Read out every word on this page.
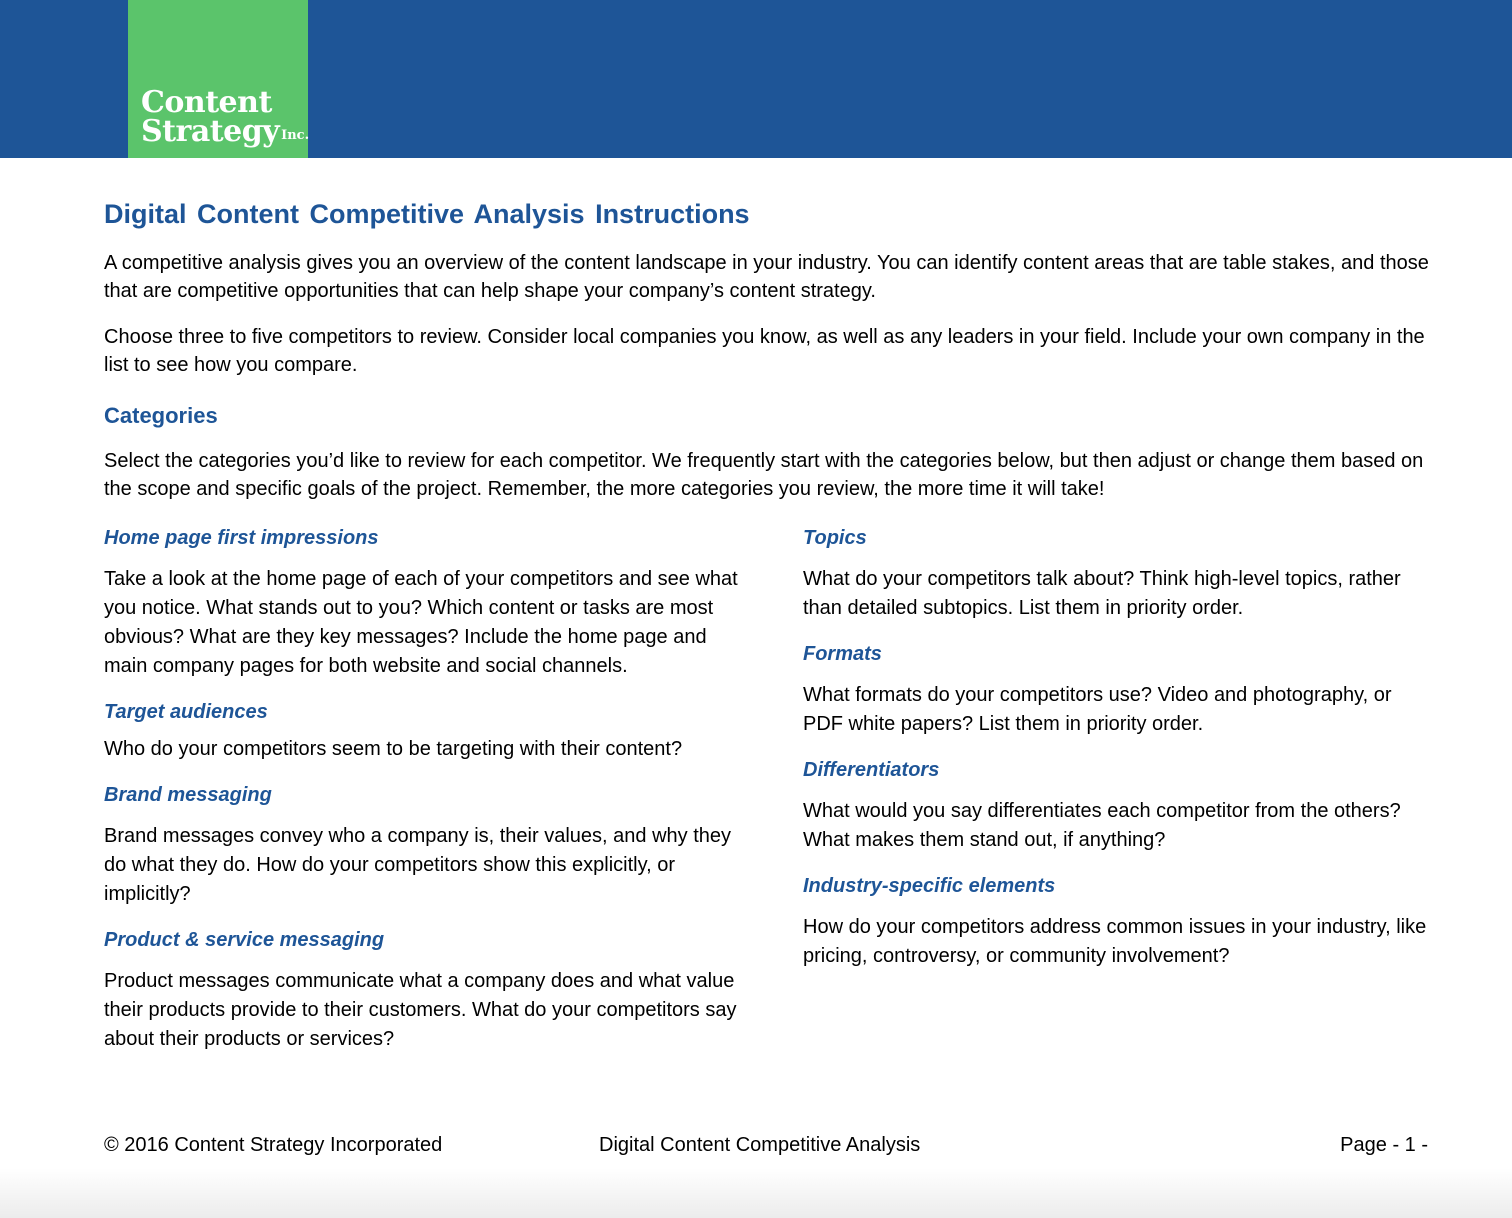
Content
Strategy Inc.
Digital Content Competitive Analysis Instructions

A competitive analysis gives you an overview of the content landscape in your industry. You can identify content areas that are table stakes, and those that are competitive opportunities that can help shape your company’s content strategy.

Choose three to five competitors to review. Consider local companies you know, as well as any leaders in your field. Include your own company in the list to see how you compare.

Categories

Select the categories you’d like to review for each competitor. We frequently start with the categories below, but then adjust or change them based on the scope and specific goals of the project. Remember, the more categories you review, the more time it will take!

Home page first impressions

Take a look at the home page of each of your competitors and see what you notice. What stands out to you? Which content or tasks are most obvious? What are they key messages? Include the home page and main company pages for both website and social channels.

Target audiences

Who do your competitors seem to be targeting with their content?

Brand messaging

Brand messages convey who a company is, their values, and why they do what they do. How do your competitors show this explicitly, or implicitly?

Product & service messaging

Product messages communicate what a company does and what value their products provide to their customers. What do your competitors say about their products or services?

Topics

What do your competitors talk about? Think high-level topics, rather than detailed subtopics. List them in priority order.

Formats

What formats do your competitors use? Video and photography, or PDF white papers? List them in priority order.

Differentiators

What would you say differentiates each competitor from the others? What makes them stand out, if anything?

Industry-specific elements

How do your competitors address common issues in your industry, like pricing, controversy, or community involvement?

© 2016 Content Strategy Incorporated	Digital Content Competitive Analysis	Page - 1 -
